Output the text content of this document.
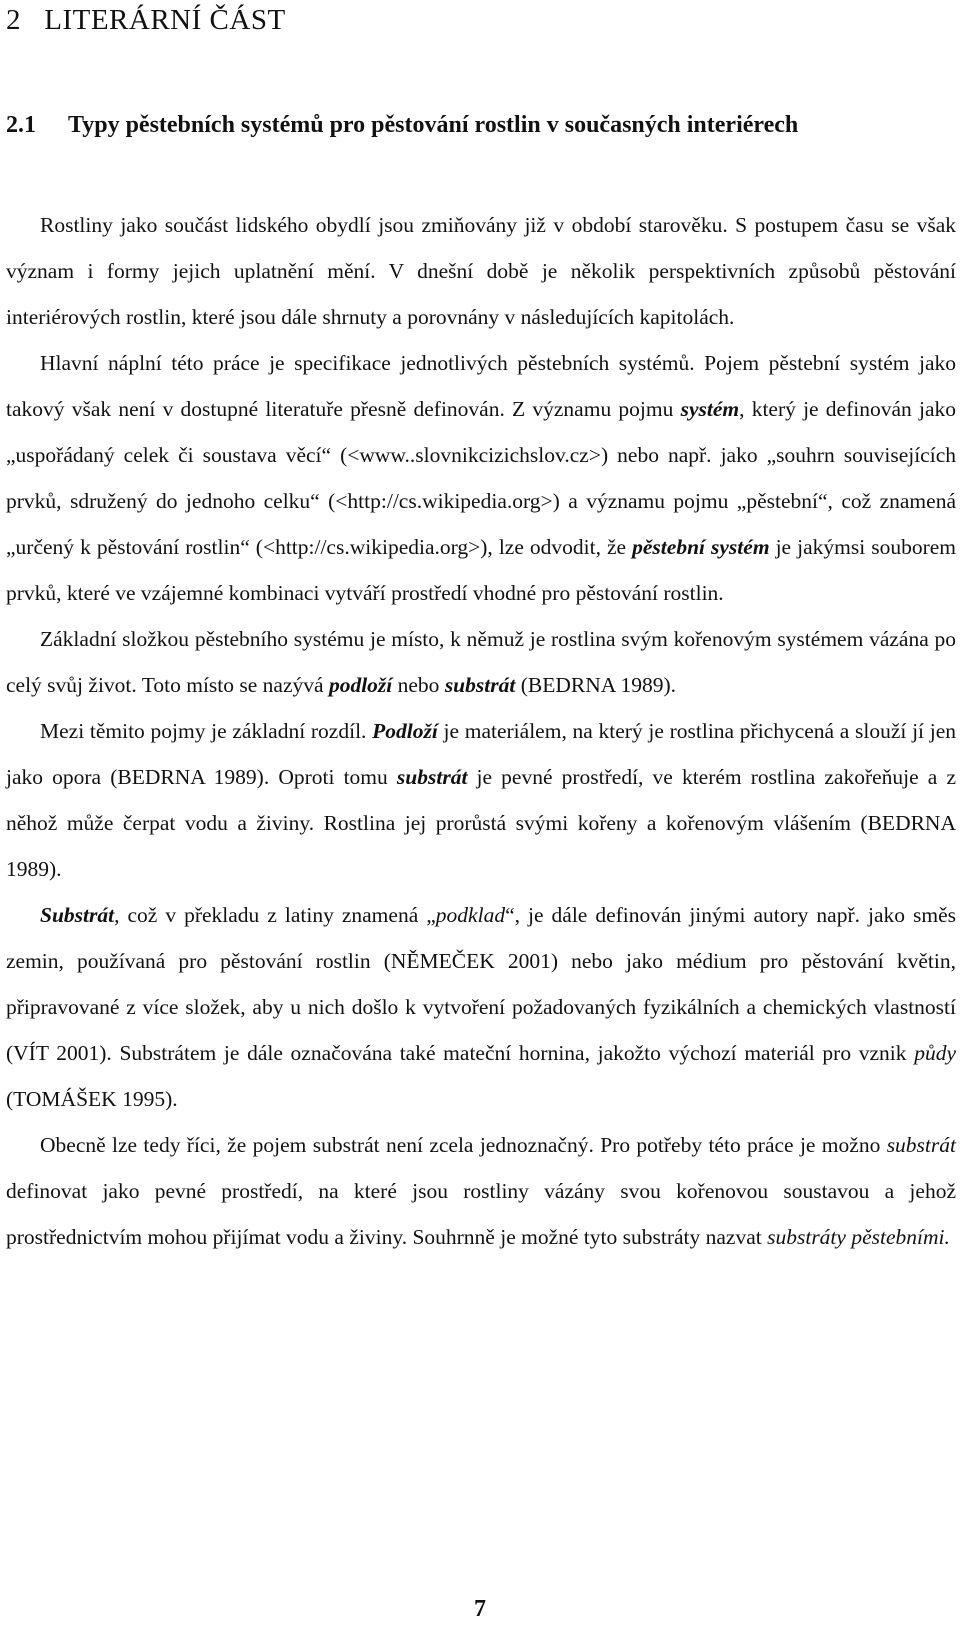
2 LITERÁRNÍ ČÁST
2.1 Typy pěstebních systémů pro pěstování rostlin v současných interiérech

Rostliny jako součást lidského obydlí jsou zmiňovány již v období starověku. S postupem času se však význam i formy jejich uplatnění mění. V dnešní době je několik perspektivních způsobů pěstování interiérových rostlin, které jsou dále shrnuty a porovnány v následujících kapitolách.

Hlavní náplní této práce je specifikace jednotlivých pěstebních systémů. Pojem pěstební systém jako takový však není v dostupné literatuře přesně definován. Z významu pojmu systém, který je definován jako „uspořádaný celek či soustava věcí“ (<www..slovnikcizichslov.cz>) nebo např. jako „souhrn souvisejících prvků, sdružený do jednoho celku“ (<http://cs.wikipedia.org>) a významu pojmu „pěstební“, což znamená „určený k pěstování rostlin“ (<http://cs.wikipedia.org>), lze odvodit, že pěstební systém je jakýmsi souborem prvků, které ve vzájemné kombinaci vytváří prostředí vhodné pro pěstování rostlin.

Základní složkou pěstebního systému je místo, k němuž je rostlina svým kořenovým systémem vázána po celý svůj život. Toto místo se nazývá podloží nebo substrát (BEDRNA 1989).

Mezi těmito pojmy je základní rozdíl. Podloží je materiálem, na který je rostlina přichycená a slouží jí jen jako opora (BEDRNA 1989). Oproti tomu substrát je pevné prostředí, ve kterém rostlina zakořeňuje a z něhož může čerpat vodu a živiny. Rostlina jej prorůstá svými kořeny a kořenovým vlášením (BEDRNA 1989).

Substrát, což v překladu z latiny znamená „podklad“, je dále definován jinými autory např. jako směs zemin, používaná pro pěstování rostlin (NĚMEČEK 2001) nebo jako médium pro pěstování květin, připravované z více složek, aby u nich došlo k vytvoření požadovaných fyzikálních a chemických vlastností (VÍT 2001). Substrátem je dále označována také mateční hornina, jakožto výchozí materiál pro vznik půdy (TOMÁŠEK 1995).

Obecně lze tedy říci, že pojem substrát není zcela jednoznačný. Pro potřeby této práce je možno substrát definovat jako pevné prostředí, na které jsou rostliny vázány svou kořenovou soustavou a jehož prostřednictvím mohou přijímat vodu a živiny. Souhrnně je možné tyto substráty nazvat substráty pěstebními.

7
